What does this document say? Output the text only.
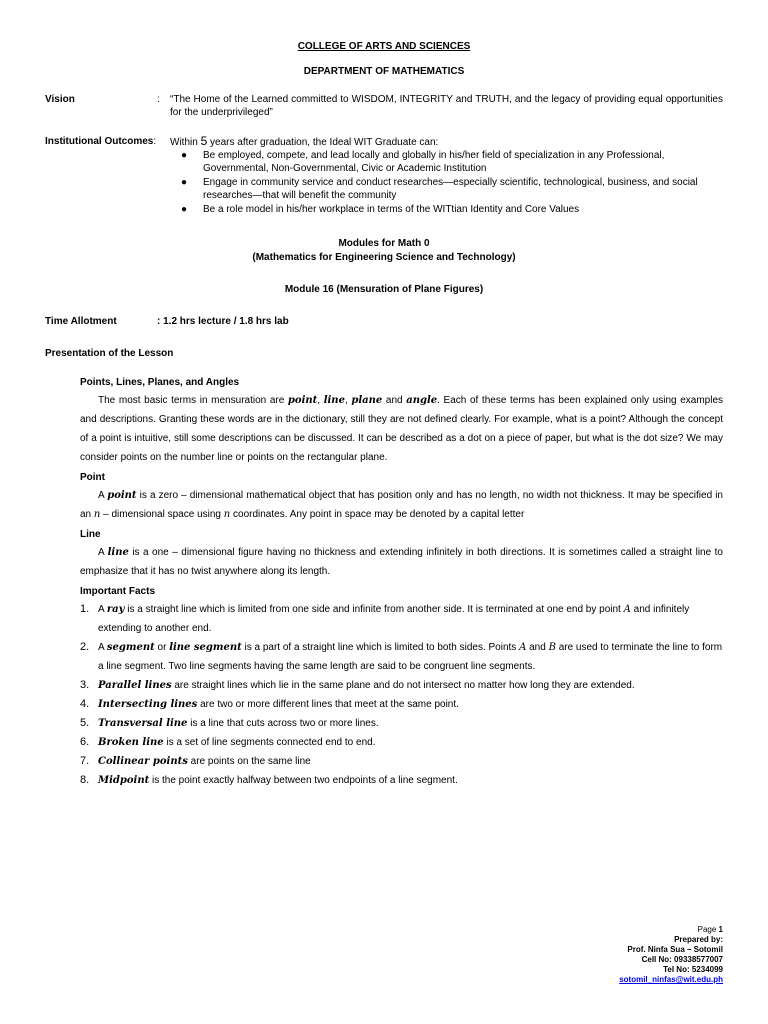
COLLEGE OF ARTS AND SCIENCES
DEPARTMENT OF MATHEMATICS
Vision	: “The Home of the Learned committed to WISDOM, INTEGRITY and TRUTH, and the legacy of providing equal opportunities for the underprivileged”
Institutional Outcomes: Within 5 years after graduation, the Ideal WIT Graduate can:
● Be employed, compete, and lead locally and globally in his/her field of specialization in any Professional, Governmental, Non-Governmental, Civic or Academic Institution
● Engage in community service and conduct researches—especially scientific, technological, business, and social researches—that will benefit the community
● Be a role model in his/her workplace in terms of the WITtian Identity and Core Values
Modules for Math 0
(Mathematics for Engineering Science and Technology)
Module 16 (Mensuration of Plane Figures)
Time Allotment	: 1.2 hrs lecture / 1.8 hrs lab
Presentation of the Lesson
Points, Lines, Planes, and Angles
The most basic terms in mensuration are point, line, plane and angle. Each of these terms has been explained only using examples and descriptions. Granting these words are in the dictionary, still they are not defined clearly. For example, what is a point? Although the concept of a point is intuitive, still some descriptions can be discussed. It can be described as a dot on a piece of paper, but what is the dot size? We may consider points on the number line or points on the rectangular plane.
Point
A point is a zero – dimensional mathematical object that has position only and has no length, no width not thickness. It may be specified in an n – dimensional space using n coordinates. Any point in space may be denoted by a capital letter
Line
A line is a one – dimensional figure having no thickness and extending infinitely in both directions. It is sometimes called a straight line to emphasize that it has no twist anywhere along its length.
Important Facts
1. A ray is a straight line which is limited from one side and infinite from another side. It is terminated at one end by point A and infinitely extending to another end.
2. A segment or line segment is a part of a straight line which is limited to both sides. Points A and B are used to terminate the line to form a line segment. Two line segments having the same length are said to be congruent line segments.
3. Parallel lines are straight lines which lie in the same plane and do not intersect no matter how long they are extended.
4. Intersecting lines are two or more different lines that meet at the same point.
5. Transversal line is a line that cuts across two or more lines.
6. Broken line is a set of line segments connected end to end.
7. Collinear points are points on the same line
8. Midpoint is the point exactly halfway between two endpoints of a line segment.
Page 1
Prepared by:
Prof. Ninfa Sua – Sotomil
Cell No: 09338577007
Tel No: 5234099
sotomil_ninfas@wit.edu.ph
